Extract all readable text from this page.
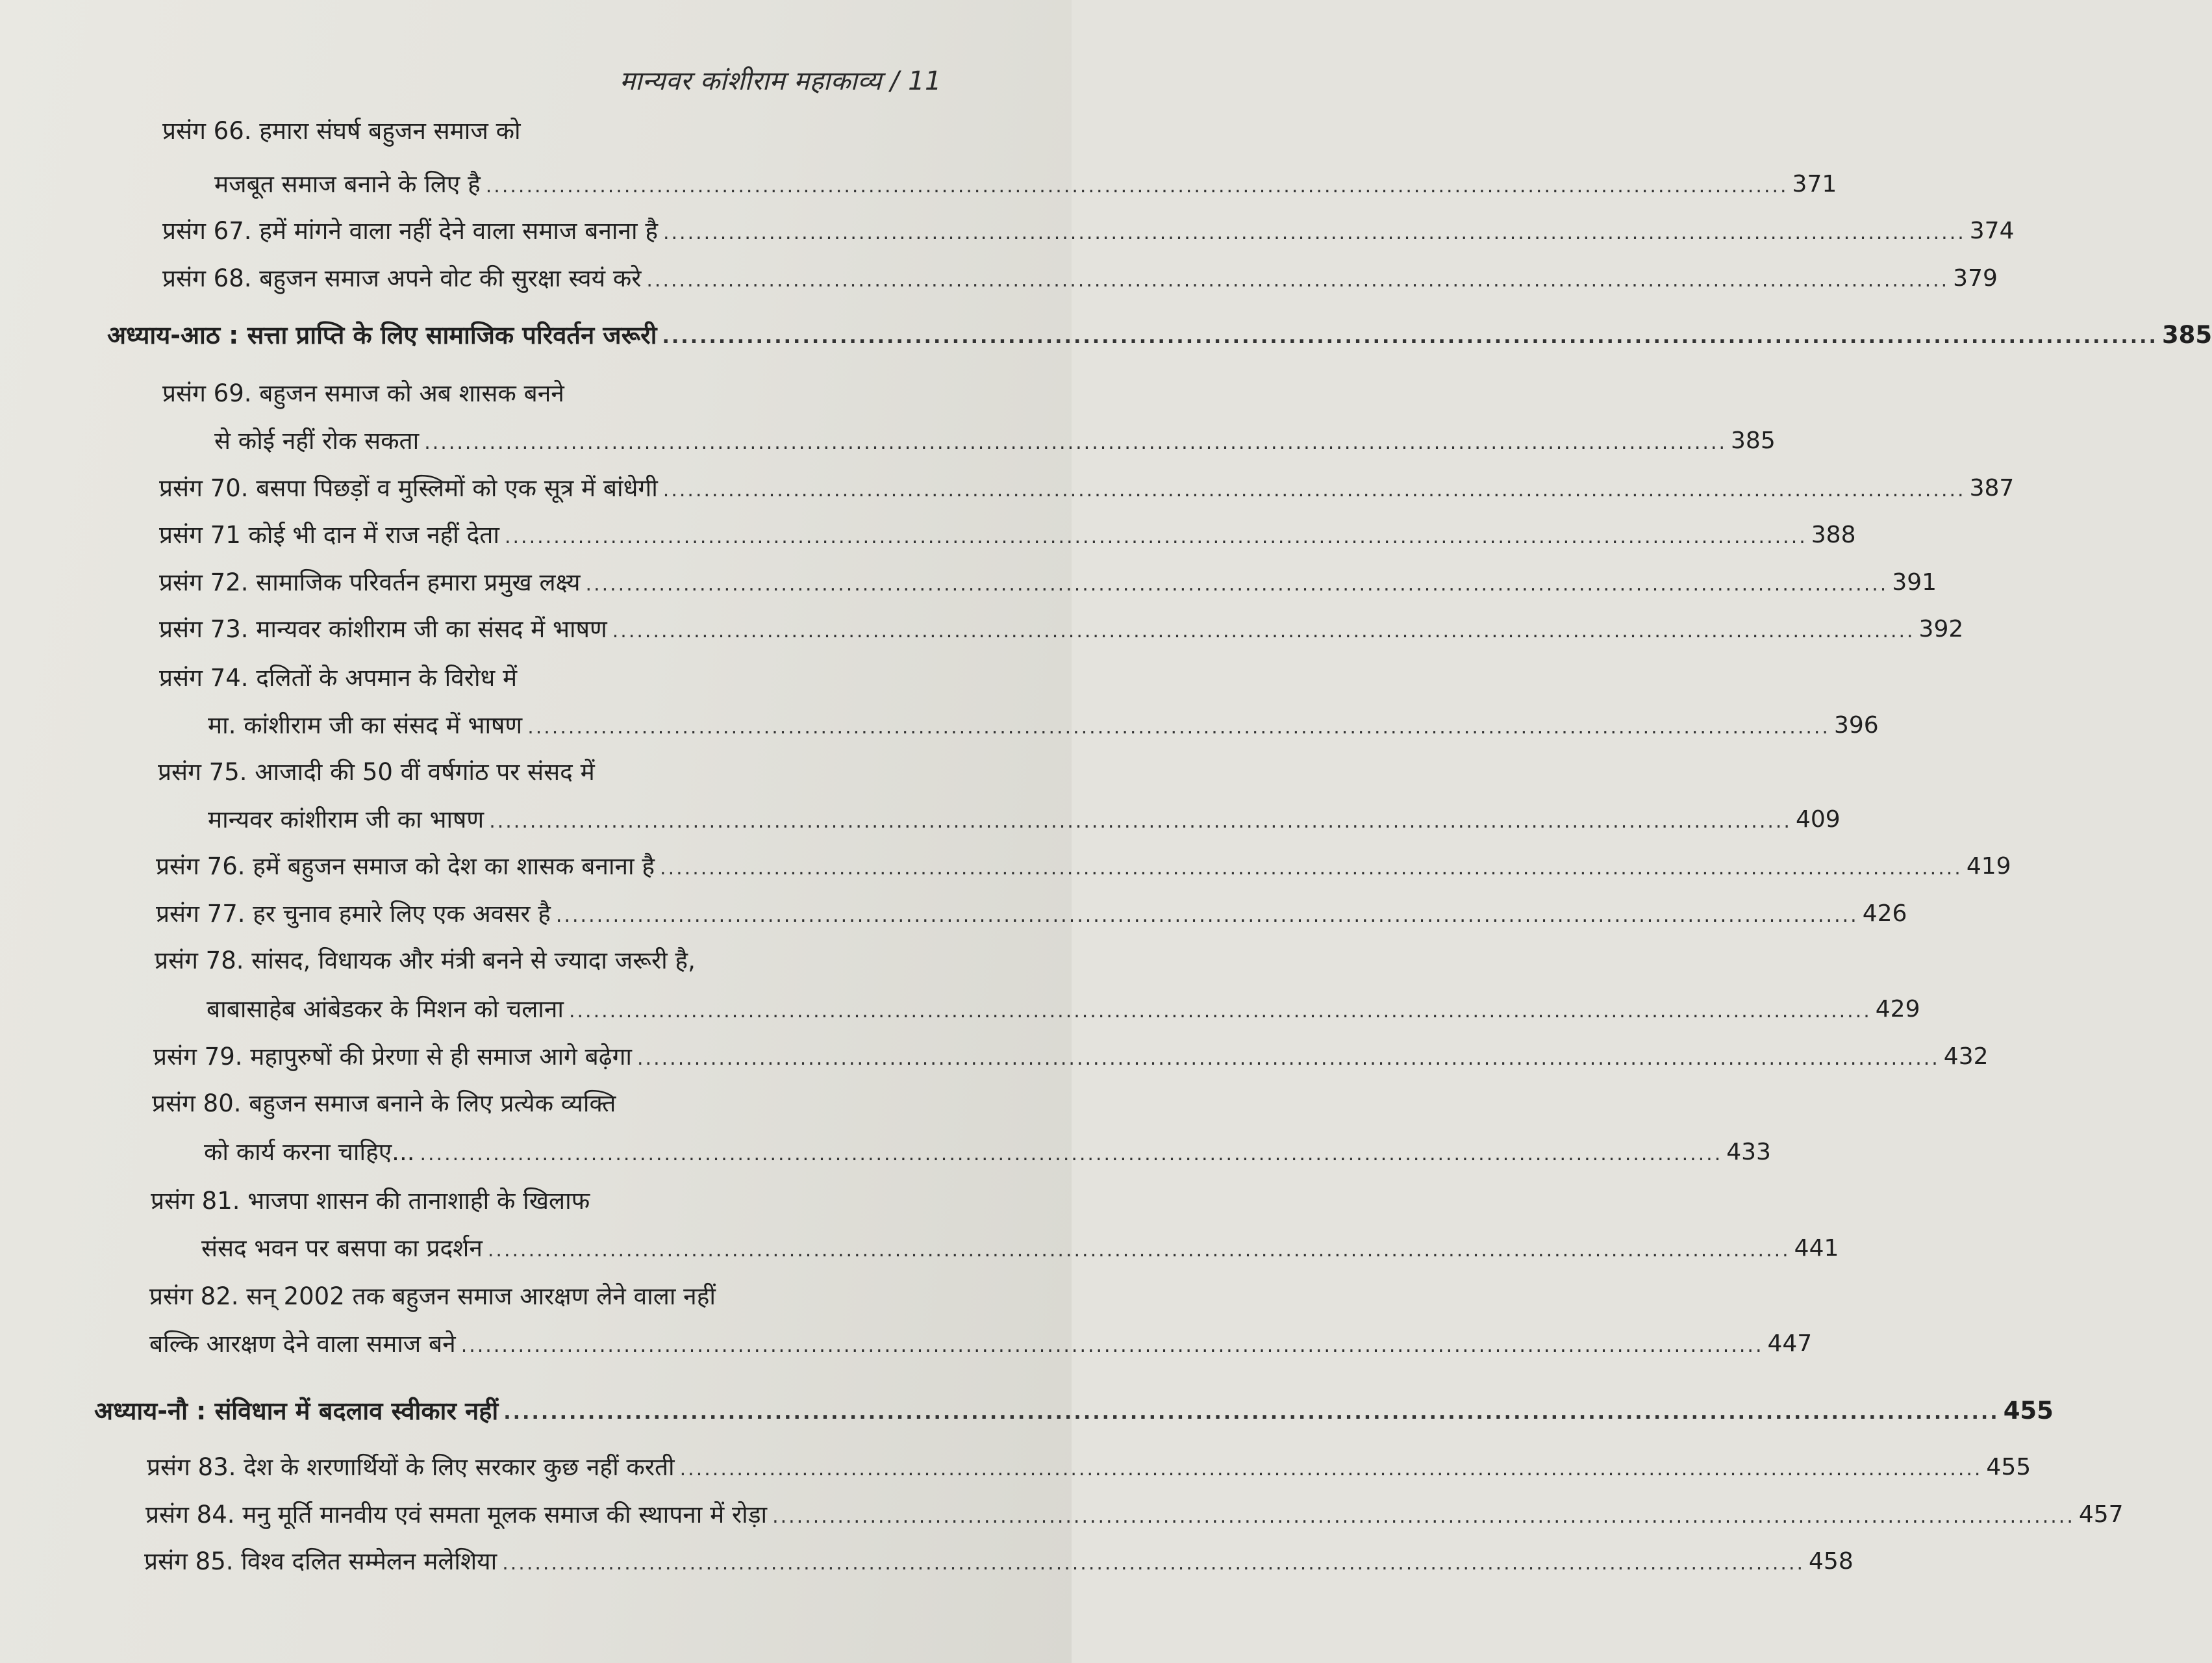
मान्यवर कांशीराम महाकाव्य / 11
प्रसंग 66. हमारा संघर्ष बहुजन समाज को
मजबूत समाज बनाने के लिए है ................................................................................................................................................................ 371
प्रसंग 67. हमें मांगने वाला नहीं देने वाला समाज बनाना है ................................................................................................................................................................ 374
प्रसंग 68. बहुजन समाज अपने वोट की सुरक्षा स्वयं करे ................................................................................................................................................................ 379
अध्याय-आठ : सत्ता प्राप्ति के लिए सामाजिक परिवर्तन जरूरी ................................................................................................................................................................ 385
प्रसंग 69. बहुजन समाज को अब शासक बनने
से कोई नहीं रोक सकता ................................................................................................................................................................ 385
प्रसंग 70. बसपा पिछड़ों व मुस्लिमों को एक सूत्र में बांधेगी ................................................................................................................................................................ 387
प्रसंग 71 कोई भी दान में राज नहीं देता ................................................................................................................................................................ 388
प्रसंग 72. सामाजिक परिवर्तन हमारा प्रमुख लक्ष्य ................................................................................................................................................................ 391
प्रसंग 73. मान्यवर कांशीराम जी का संसद में भाषण ................................................................................................................................................................ 392
प्रसंग 74. दलितों के अपमान के विरोध में
मा. कांशीराम जी का संसद में भाषण ................................................................................................................................................................ 396
प्रसंग 75. आजादी की 50 वीं वर्षगांठ पर संसद में
मान्यवर कांशीराम जी का भाषण ................................................................................................................................................................ 409
प्रसंग 76. हमें बहुजन समाज को देश का शासक बनाना है ................................................................................................................................................................ 419
प्रसंग 77. हर चुनाव हमारे लिए एक अवसर है ................................................................................................................................................................ 426
प्रसंग 78. सांसद, विधायक और मंत्री बनने से ज्यादा जरूरी है,
बाबासाहेब आंबेडकर के मिशन को चलाना ................................................................................................................................................................ 429
प्रसंग 79. महापुरुषों की प्रेरणा से ही समाज आगे बढ़ेगा ................................................................................................................................................................ 432
प्रसंग 80. बहुजन समाज बनाने के लिए प्रत्येक व्यक्ति
को कार्य करना चाहिए... ................................................................................................................................................................ 433
प्रसंग 81. भाजपा शासन की तानाशाही के खिलाफ
संसद भवन पर बसपा का प्रदर्शन ................................................................................................................................................................ 441
प्रसंग 82. सन् 2002 तक बहुजन समाज आरक्षण लेने वाला नहीं
बल्कि आरक्षण देने वाला समाज बने ................................................................................................................................................................ 447
अध्याय-नौ : संविधान में बदलाव स्वीकार नहीं ................................................................................................................................................................ 455
प्रसंग 83. देश के शरणार्थियों के लिए सरकार कुछ नहीं करती ................................................................................................................................................................ 455
प्रसंग 84. मनु मूर्ति मानवीय एवं समता मूलक समाज की स्थापना में रोड़ा ................................................................................................................................................................ 457
प्रसंग 85. विश्व दलित सम्मेलन मलेशिया ................................................................................................................................................................ 458
